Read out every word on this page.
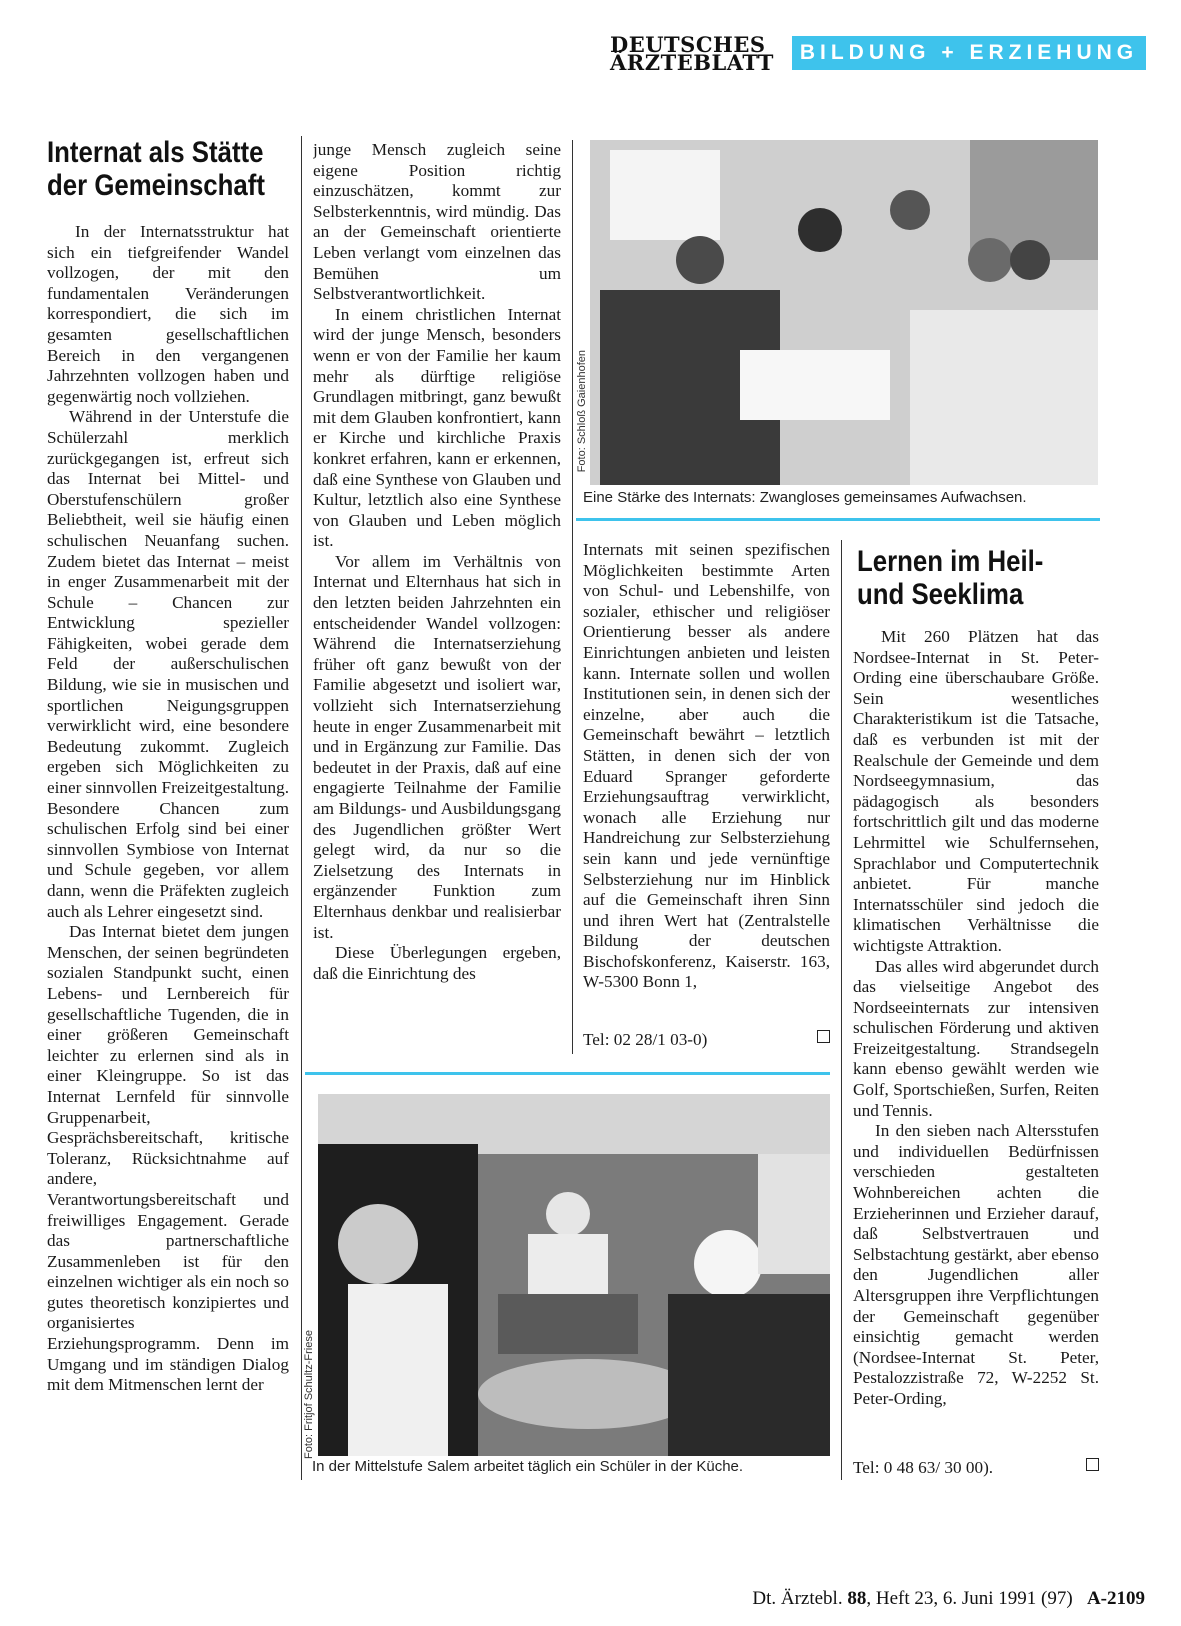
DEUTSCHES
ÄRZTEBLATT	BILDUNG + ERZIEHUNG
Internat als Stätte
der Gemeinschaft

In der Internatsstruktur hat sich ein tiefgreifender Wandel vollzogen, der mit den fundamentalen Veränderungen korrespondiert, die sich im gesamten gesellschaftlichen Bereich in den vergangenen Jahrzehnten vollzogen haben und gegenwärtig noch vollziehen.

Während in der Unterstufe die Schülerzahl merklich zurückgegangen ist, erfreut sich das Internat bei Mittel- und Oberstufenschülern großer Beliebtheit, weil sie häufig einen schulischen Neuanfang suchen. Zudem bietet das Internat – meist in enger Zusammenarbeit mit der Schule – Chancen zur Entwicklung spezieller Fähigkeiten, wobei gerade dem Feld der außerschulischen Bildung, wie sie in musischen und sportlichen Neigungsgruppen verwirklicht wird, eine besondere Bedeutung zukommt. Zugleich ergeben sich Möglichkeiten zu einer sinnvollen Freizeitgestaltung. Besondere Chancen zum schulischen Erfolg sind bei einer sinnvollen Symbiose von Internat und Schule gegeben, vor allem dann, wenn die Präfekten zugleich auch als Lehrer eingesetzt sind.

Das Internat bietet dem jungen Menschen, der seinen begründeten sozialen Standpunkt sucht, einen Lebens- und Lernbereich für gesellschaftliche Tugenden, die in einer größeren Gemeinschaft leichter zu erlernen sind als in einer Kleingruppe. So ist das Internat Lernfeld für sinnvolle Gruppenarbeit, Gesprächsbereitschaft, kritische Toleranz, Rücksichtnahme auf andere, Verantwortungsbereitschaft und freiwilliges Engagement. Gerade das partnerschaftliche Zusammenleben ist für den einzelnen wichtiger als ein noch so gutes theoretisch konzipiertes und organisiertes Erziehungsprogramm. Denn im Umgang und im ständigen Dialog mit dem Mitmenschen lernt der

junge Mensch zugleich seine eigene Position richtig einzuschätzen, kommt zur Selbsterkenntnis, wird mündig. Das an der Gemeinschaft orientierte Leben verlangt vom einzelnen das Bemühen um Selbstverantwortlichkeit.

In einem christlichen Internat wird der junge Mensch, besonders wenn er von der Familie her kaum mehr als dürftige religiöse Grundlagen mitbringt, ganz bewußt mit dem Glauben konfrontiert, kann er Kirche und kirchliche Praxis konkret erfahren, kann er erkennen, daß eine Synthese von Glauben und Kultur, letztlich also eine Synthese von Glauben und Leben möglich ist.

Vor allem im Verhältnis von Internat und Elternhaus hat sich in den letzten beiden Jahrzehnten ein entscheidender Wandel vollzogen: Während die Internatserziehung früher oft ganz bewußt von der Familie abgesetzt und isoliert war, vollzieht sich Internatserziehung heute in enger Zusammenarbeit mit und in Ergänzung zur Familie. Das bedeutet in der Praxis, daß auf eine engagierte Teilnahme der Familie am Bildungs- und Ausbildungsgang des Jugendlichen größter Wert gelegt wird, da nur so die Zielsetzung des Internats in ergänzender Funktion zum Elternhaus denkbar und realisierbar ist.

Diese Überlegungen ergeben, daß die Einrichtung des

Foto: Schloß Gaienhofen
Eine Stärke des Internats: Zwangloses gemeinsames Aufwachsen.

Internats mit seinen spezifischen Möglichkeiten bestimmte Arten von Schul- und Lebenshilfe, von sozialer, ethischer und religiöser Orientierung besser als andere Einrichtungen anbieten und leisten kann. Internate sollen und wollen Institutionen sein, in denen sich der einzelne, aber auch die Gemeinschaft bewährt – letztlich Stätten, in denen sich der von Eduard Spranger geforderte Erziehungsauftrag verwirklicht, wonach alle Erziehung nur Handreichung zur Selbsterziehung sein kann und jede vernünftige Selbsterziehung nur im Hinblick auf die Gemeinschaft ihren Sinn und ihren Wert hat (Zentralstelle Bildung der deutschen Bischofskonferenz, Kaiserstr. 163, W-5300 Bonn 1,

Tel: 02 28/1 03-0)
Lernen im Heil-
und Seeklima

Mit 260 Plätzen hat das Nordsee-Internat in St. Peter-Ording eine überschaubare Größe. Sein wesentliches Charakteristikum ist die Tatsache, daß es verbunden ist mit der Realschule der Gemeinde und dem Nordseegymnasium, das pädagogisch als besonders fortschrittlich gilt und das moderne Lehrmittel wie Schulfernsehen, Sprachlabor und Computertechnik anbietet. Für manche Internatsschüler sind jedoch die klimatischen Verhältnisse die wichtigste Attraktion.

Das alles wird abgerundet durch das vielseitige Angebot des Nordseeinternats zur intensiven schulischen Förderung und aktiven Freizeitgestaltung. Strandsegeln kann ebenso gewählt werden wie Golf, Sportschießen, Surfen, Reiten und Tennis.

In den sieben nach Altersstufen und individuellen Bedürfnissen verschieden gestalteten Wohnbereichen achten die Erzieherinnen und Erzieher darauf, daß Selbstvertrauen und Selbstachtung gestärkt, aber ebenso den Jugendlichen aller Altersgruppen ihre Verpflichtungen der Gemeinschaft gegenüber einsichtig gemacht werden (Nordsee-Internat St. Peter, Pestalozzistraße 72, W-2252 St. Peter-Ording,

Tel: 0 48 63/ 30 00).
Foto: Fritjof Schultz-Friese
In der Mittelstufe Salem arbeitet täglich ein Schüler in der Küche.
Dt. Ärztebl. 88, Heft 23, 6. Juni 1991 (97) A-2109
